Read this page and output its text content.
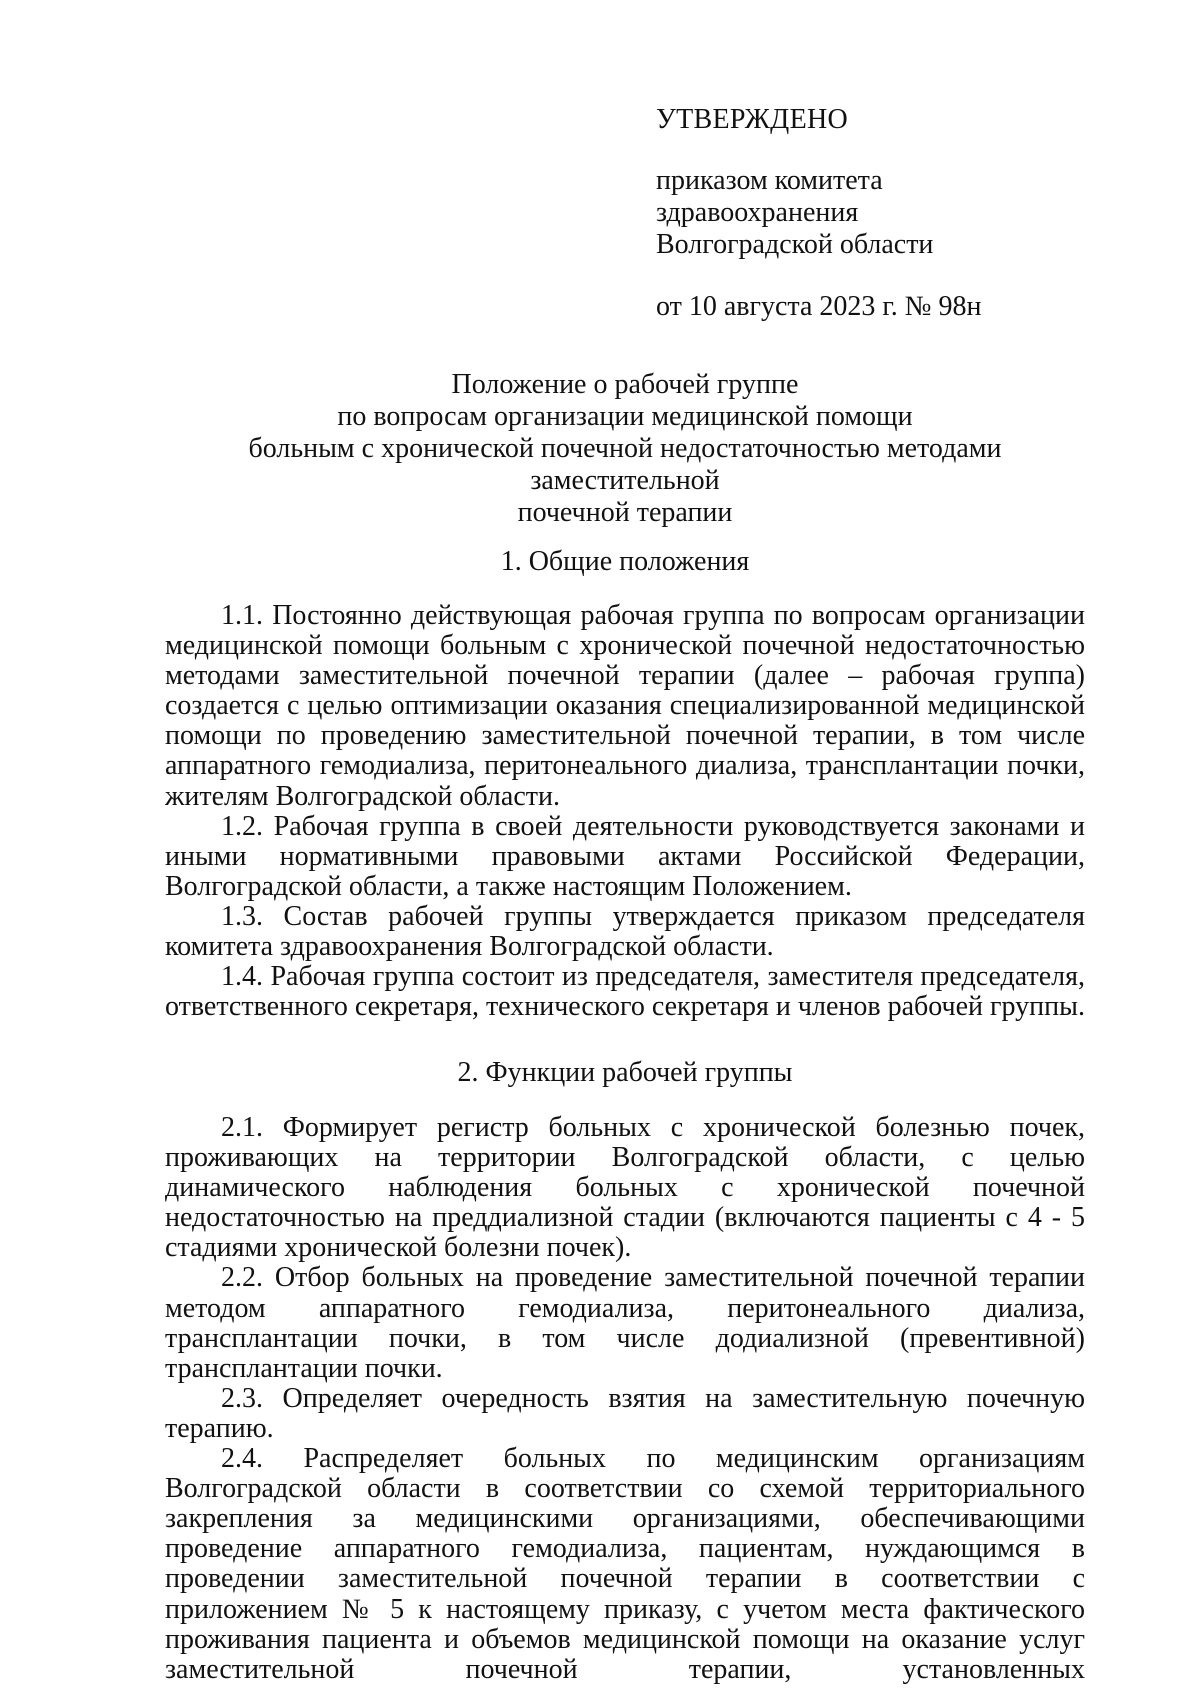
УТВЕРЖДЕНО
приказом комитета
здравоохранения
Волгоградской области
от 10 августа 2023 г. № 98н
Положение о рабочей группе
по вопросам организации медицинской помощи
больным с хронической почечной недостаточностью методами заместительной
почечной терапии
1. Общие положения

1.1. Постоянно действующая рабочая группа по вопросам организации медицинской помощи больным с хронической почечной недостаточностью методами заместительной почечной терапии (далее – рабочая группа) создается с целью оптимизации оказания специализированной медицинской помощи по проведению заместительной почечной терапии, в том числе аппаратного гемодиализа, перитонеального диализа, трансплантации почки, жителям Волгоградской области.

1.2. Рабочая группа в своей деятельности руководствуется законами и иными нормативными правовыми актами Российской Федерации, Волгоградской области, а также настоящим Положением.

1.3. Состав рабочей группы утверждается приказом председателя комитета здравоохранения Волгоградской области.

1.4. Рабочая группа состоит из председателя, заместителя председателя, ответственного секретаря, технического секретаря и членов рабочей группы.

2. Функции рабочей группы

2.1. Формирует регистр больных с хронической болезнью почек, проживающих на территории Волгоградской области, с целью динамического наблюдения больных с хронической почечной недостаточностью на преддиализной стадии (включаются пациенты с 4 - 5 стадиями хронической болезни почек).

2.2. Отбор больных на проведение заместительной почечной терапии методом аппаратного гемодиализа, перитонеального диализа, трансплантации почки, в том числе додиализной (превентивной) трансплантации почки.

2.3. Определяет очередность взятия на заместительную почечную терапию.

2.4. Распределяет больных по медицинским организациям Волгоградской области в соответствии со схемой территориального закрепления за медицинскими организациями, обеспечивающими проведение аппаратного гемодиализа, пациентам, нуждающимся в проведении заместительной почечной терапии в соответствии с приложением № 5 к настоящему приказу, с учетом места фактического проживания пациента и объемов медицинской помощи на оказание услуг заместительной почечной терапии, установленных
